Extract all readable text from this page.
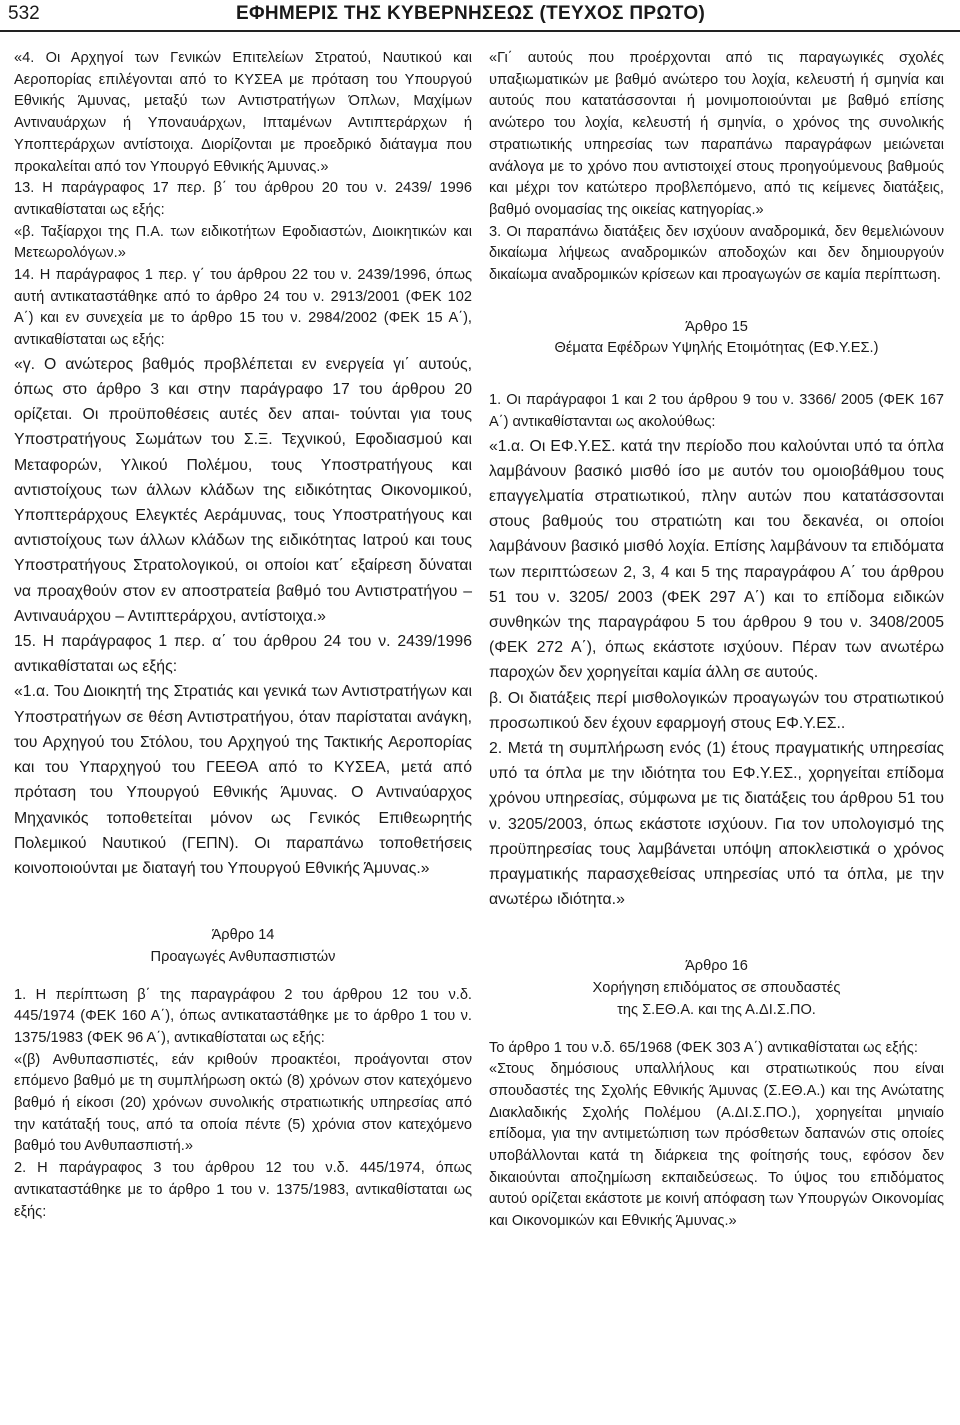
532	ΕΦΗΜΕΡΙΣ ΤΗΣ ΚΥΒΕΡΝΗΣΕΩΣ (ΤΕΥΧΟΣ ΠΡΩΤΟ)

«4. Οι Αρχηγοί των Γενικών Επιτελείων Στρατού, Ναυτικού και Αεροπορίας επιλέγονται από το ΚΥΣΕΑ με πρόταση του Υπουργού Εθνικής Άμυνας, μεταξύ των Αντιστρατήγων Όπλων, Μαχίμων Αντιναυάρχων ή Υποναυάρχων, Ιπταμένων Αντιπτεράρχων ή Υποπτεράρχων αντίστοιχα. Διορίζονται με προεδρικό διάταγμα που προκαλείται από τον Υπουργό Εθνικής Άμυνας.»

13. Η παράγραφος 17 περ. β΄ του άρθρου 20 του ν. 2439/ 1996 αντικαθίσταται ως εξής:

«β. Ταξίαρχοι της Π.Α. των ειδικοτήτων Εφοδιαστών, Διοικητικών και Μετεωρολόγων.»

14. Η παράγραφος 1 περ. γ΄ του άρθρου 22 του ν. 2439/1996, όπως αυτή αντικαταστάθηκε από το άρθρο 24 του ν. 2913/2001 (ΦΕΚ 102 Α΄) και εν συνεχεία με το άρθρο 15 του ν. 2984/2002 (ΦΕΚ 15 Α΄), αντικαθίσταται ως εξής:

«γ. Ο ανώτερος βαθμός προβλέπεται εν ενεργεία γι΄ αυτούς, όπως στο άρθρο 3 και στην παράγραφο 17 του άρθρου 20 ορίζεται. Οι προϋποθέσεις αυτές δεν απαι- τούνται για τους Υποστρατήγους Σωμάτων του Σ.Ξ. Τεχνικού, Εφοδιασμού και Μεταφορών, Υλικού Πολέμου, τους Υποστρατήγους και αντιστοίχους των άλλων κλάδων της ειδικότητας Οικονομικού, Υποπτεράρχους Ελεγκτές Αεράμυνας, τους Υποστρατήγους και αντιστοίχους των άλλων κλάδων της ειδικότητας Ιατρού και τους Υποστρατήγους Στρατολογικού, οι οποίοι κατ΄ εξαίρεση δύναται να προαχθούν στον εν αποστρατεία βαθμό του Αντιστρατήγου – Αντιναυάρχου – Αντιπτεράρχου, αντίστοιχα.»

15. Η παράγραφος 1 περ. α΄ του άρθρου 24 του ν. 2439/1996 αντικαθίσταται ως εξής:

«1.α. Του Διοικητή της Στρατιάς και γενικά των Αντιστρατήγων και Υποστρατήγων σε θέση Αντιστρατήγου, όταν παρίσταται ανάγκη, του Αρχηγού του Στόλου, του Αρχηγού της Τακτικής Αεροπορίας και του Υπαρχηγού του ΓΕΕΘΑ από το ΚΥΣΕΑ, μετά από πρόταση του Υπουργού Εθνικής Άμυνας. Ο Αντιναύαρχος Μηχανικός τοποθετείται μόνον ως Γενικός Επιθεωρητής Πολεμικού Ναυτικού (ΓΕΠΝ). Οι παραπάνω τοποθετήσεις κοινοποιούνται με διαταγή του Υπουργού Εθνικής Άμυνας.»

Άρθρο 14

Προαγωγές Ανθυπασπιστών

1. Η περίπτωση β΄ της παραγράφου 2 του άρθρου 12 του ν.δ. 445/1974 (ΦΕΚ 160 Α΄), όπως αντικαταστάθηκε με το άρθρο 1 του ν. 1375/1983 (ΦΕΚ 96 Α΄), αντικαθίσταται ως εξής:

«(β) Ανθυπασπιστές, εάν κριθούν προακτέοι, προάγονται στον επόμενο βαθμό με τη συμπλήρωση οκτώ (8) χρόνων στον κατεχόμενο βαθμό ή είκοσι (20) χρόνων συνολικής στρατιωτικής υπηρεσίας από την κατάταξή τους, από τα οποία πέντε (5) χρόνια στον κατεχόμενο βαθμό του Ανθυπασπιστή.»

2. Η παράγραφος 3 του άρθρου 12 του ν.δ. 445/1974, όπως αντικαταστάθηκε με το άρθρο 1 του ν. 1375/1983, αντικαθίσταται ως εξής:

«Γι΄ αυτούς που προέρχονται από τις παραγωγικές σχολές υπαξιωματικών με βαθμό ανώτερο του λοχία, κελευστή ή σμηνία και αυτούς που κατατάσσονται ή μονιμοποιούνται με βαθμό επίσης ανώτερο του λοχία, κελευστή ή σμηνία, ο χρόνος της συνολικής στρατιωτικής υπηρεσίας των παραπάνω παραγράφων μειώνεται ανάλογα με το χρόνο που αντιστοιχεί στους προηγούμενους βαθμούς και μέχρι τον κατώτερο προβλεπόμενο, από τις κείμενες διατάξεις, βαθμό ονομασίας της οικείας κατηγορίας.»

3. Οι παραπάνω διατάξεις δεν ισχύουν αναδρομικά, δεν θεμελιώνουν δικαίωμα λήψεως αναδρομικών αποδοχών και δεν δημιουργούν δικαίωμα αναδρομικών κρίσεων και προαγωγών σε καμία περίπτωση.

Άρθρο 15

Θέματα Εφέδρων Υψηλής Ετοιμότητας (ΕΦ.Υ.ΕΣ.)

1. Οι παράγραφοι 1 και 2 του άρθρου 9 του ν. 3366/ 2005 (ΦΕΚ 167 Α΄) αντικαθίστανται ως ακολούθως:

«1.α. Οι ΕΦ.Υ.ΕΣ. κατά την περίοδο που καλούνται υπό τα όπλα λαμβάνουν βασικό μισθό ίσο με αυτόν του ομοιοβάθμου τους επαγγελματία στρατιωτικού, πλην αυτών που κατατάσσονται στους βαθμούς του στρατιώτη και του δεκανέα, οι οποίοι λαμβάνουν βασικό μισθό λοχία. Επίσης λαμβάνουν τα επιδόματα των περιπτώσεων 2, 3, 4 και 5 της παραγράφου Α΄ του άρθρου 51 του ν. 3205/ 2003 (ΦΕΚ 297 Α΄) και το επίδομα ειδικών συνθηκών της παραγράφου 5 του άρθρου 9 του ν. 3408/2005 (ΦΕΚ 272 Α΄), όπως εκάστοτε ισχύουν. Πέραν των ανωτέρω παροχών δεν χορηγείται καμία άλλη σε αυτούς.

β. Οι διατάξεις περί μισθολογικών προαγωγών του στρατιωτικού προσωπικού δεν έχουν εφαρμογή στους ΕΦ.Υ.ΕΣ..

2. Μετά τη συμπλήρωση ενός (1) έτους πραγματικής υπηρεσίας υπό τα όπλα με την ιδιότητα του ΕΦ.Υ.ΕΣ., χορηγείται επίδομα χρόνου υπηρεσίας, σύμφωνα με τις διατάξεις του άρθρου 51 του ν. 3205/2003, όπως εκάστοτε ισχύουν. Για τον υπολογισμό της προϋπηρεσίας τους λαμβάνεται υπόψη αποκλειστικά ο χρόνος πραγματικής παρασχεθείσας υπηρεσίας υπό τα όπλα, με την ανωτέρω ιδιότητα.»

Άρθρο 16

Χορήγηση επιδόματος σε σπουδαστές

της Σ.ΕΘ.Α. και της Α.ΔΙ.Σ.ΠΟ.

Το άρθρο 1 του ν.δ. 65/1968 (ΦΕΚ 303 Α΄) αντικαθίσταται ως εξής:

«Στους δημόσιους υπαλλήλους και στρατιωτικούς που είναι σπουδαστές της Σχολής Εθνικής Άμυνας (Σ.ΕΘ.Α.) και της Ανώτατης Διακλαδικής Σχολής Πολέμου (Α.ΔΙ.Σ.ΠΟ.), χορηγείται μηνιαίο επίδομα, για την αντιμετώπιση των πρόσθετων δαπανών στις οποίες υποβάλλονται κατά τη διάρκεια της φοίτησής τους, εφόσον δεν δικαιούνται αποζημίωση εκπαιδεύσεως. Το ύψος του επιδόματος αυτού ορίζεται εκάστοτε με κοινή απόφαση των Υπουργών Οικονομίας και Οικονομικών και Εθνικής Άμυνας.»
